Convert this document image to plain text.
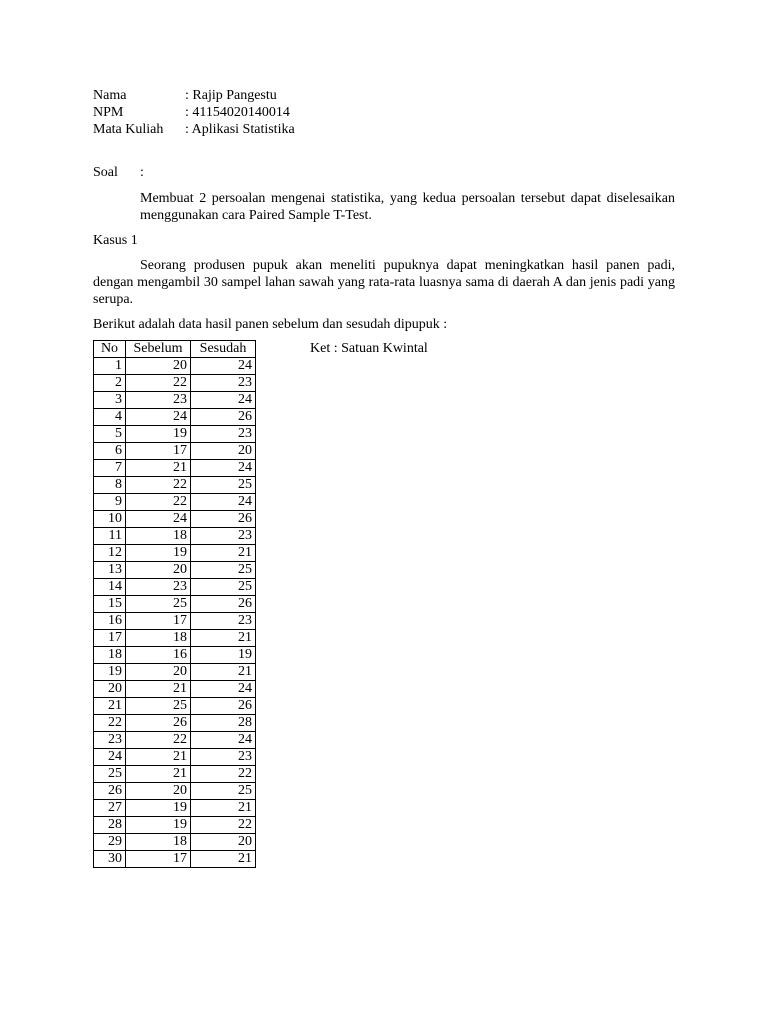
Nama	: Rajip Pangestu
NPM	: 41154020140014
Mata Kuliah	: Aplikasi Statistika
Soal	:
Membuat 2 persoalan mengenai statistika, yang kedua persoalan tersebut dapat diselesaikan menggunakan cara Paired Sample T-Test.
Kasus 1
Seorang produsen pupuk akan meneliti pupuknya dapat meningkatkan hasil panen padi, dengan mengambil 30 sampel lahan sawah yang rata-rata luasnya sama di daerah A dan jenis padi yang serupa.
Berikut adalah data hasil panen sebelum dan sesudah dipupuk :
No	Sebelum	Sesudah
1	20	24
2	22	23
3	23	24
4	24	26
5	19	23
6	17	20
7	21	24
8	22	25
9	22	24
10	24	26
11	18	23
12	19	21
13	20	25
14	23	25
15	25	26
16	17	23
17	18	21
18	16	19
19	20	21
20	21	24
21	25	26
22	26	28
23	22	24
24	21	23
25	21	22
26	20	25
27	19	21
28	19	22
29	18	20
30	17	21
Ket : Satuan Kwintal
